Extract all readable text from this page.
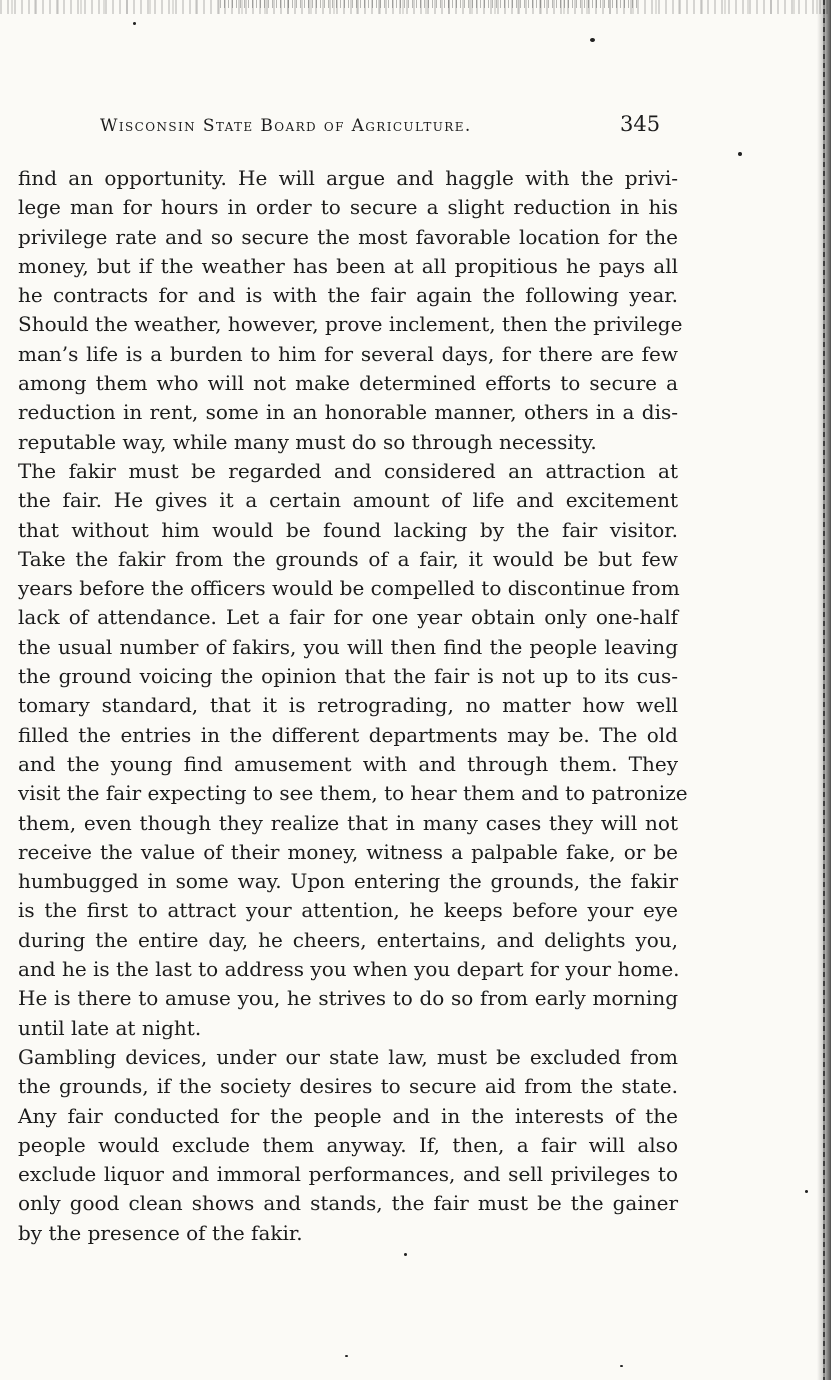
Wisconsin State Board of Agriculture.	345
find an opportunity. He will argue and haggle with the privi-
lege man for hours in order to secure a slight reduction in his
privilege rate and so secure the most favorable location for the
money, but if the weather has been at all propitious he pays all
he contracts for and is with the fair again the following year.
Should the weather, however, prove inclement, then the privilege
man’s life is a burden to him for several days, for there are few
among them who will not make determined efforts to secure a
reduction in rent, some in an honorable manner, others in a dis-
reputable way, while many must do so through necessity.
The fakir must be regarded and considered an attraction at
the fair. He gives it a certain amount of life and excitement
that without him would be found lacking by the fair visitor.
Take the fakir from the grounds of a fair, it would be but few
years before the officers would be compelled to discontinue from
lack of attendance. Let a fair for one year obtain only one-half
the usual number of fakirs, you will then find the people leaving
the ground voicing the opinion that the fair is not up to its cus-
tomary standard, that it is retrograding, no matter how well
filled the entries in the different departments may be. The old
and the young find amusement with and through them. They
visit the fair expecting to see them, to hear them and to patronize
them, even though they realize that in many cases they will not
receive the value of their money, witness a palpable fake, or be
humbugged in some way. Upon entering the grounds, the fakir
is the first to attract your attention, he keeps before your eye
during the entire day, he cheers, entertains, and delights you,
and he is the last to address you when you depart for your home.
He is there to amuse you, he strives to do so from early morning
until late at night.
Gambling devices, under our state law, must be excluded from
the grounds, if the society desires to secure aid from the state.
Any fair conducted for the people and in the interests of the
people would exclude them anyway. If, then, a fair will also
exclude liquor and immoral performances, and sell privileges to
only good clean shows and stands, the fair must be the gainer
by the presence of the fakir.
